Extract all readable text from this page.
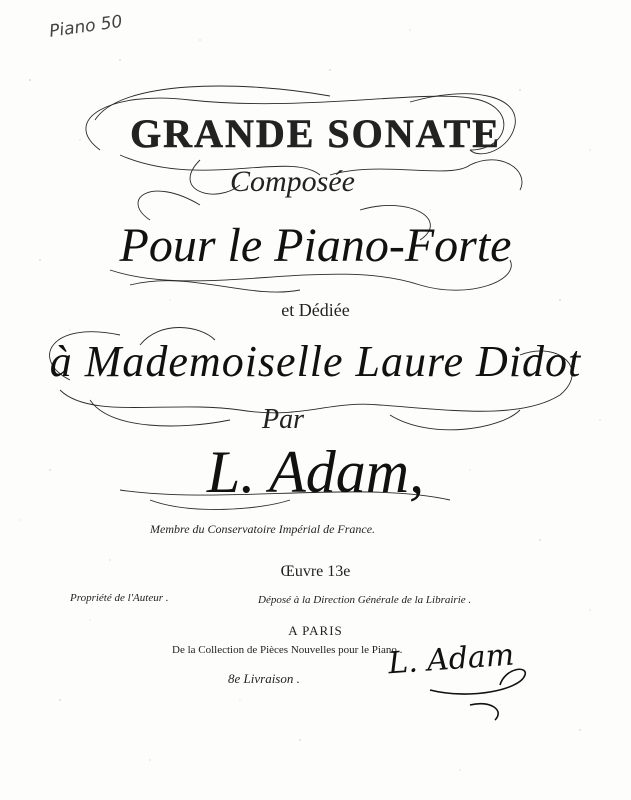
Piano 50
GRANDE SONATE
Composée
Pour le Piano-Forte
et Dédiée
à Mademoiselle Laure Didot
Par
L. Adam,
Membre du Conservatoire Impérial de France.
Œuvre 13e
Propriété de l'Auteur .	Déposé à la Direction Générale de la Librairie .
A PARIS
De la Collection de Pièces Nouvelles pour le Piano .
8e Livraison .	L. Adam
